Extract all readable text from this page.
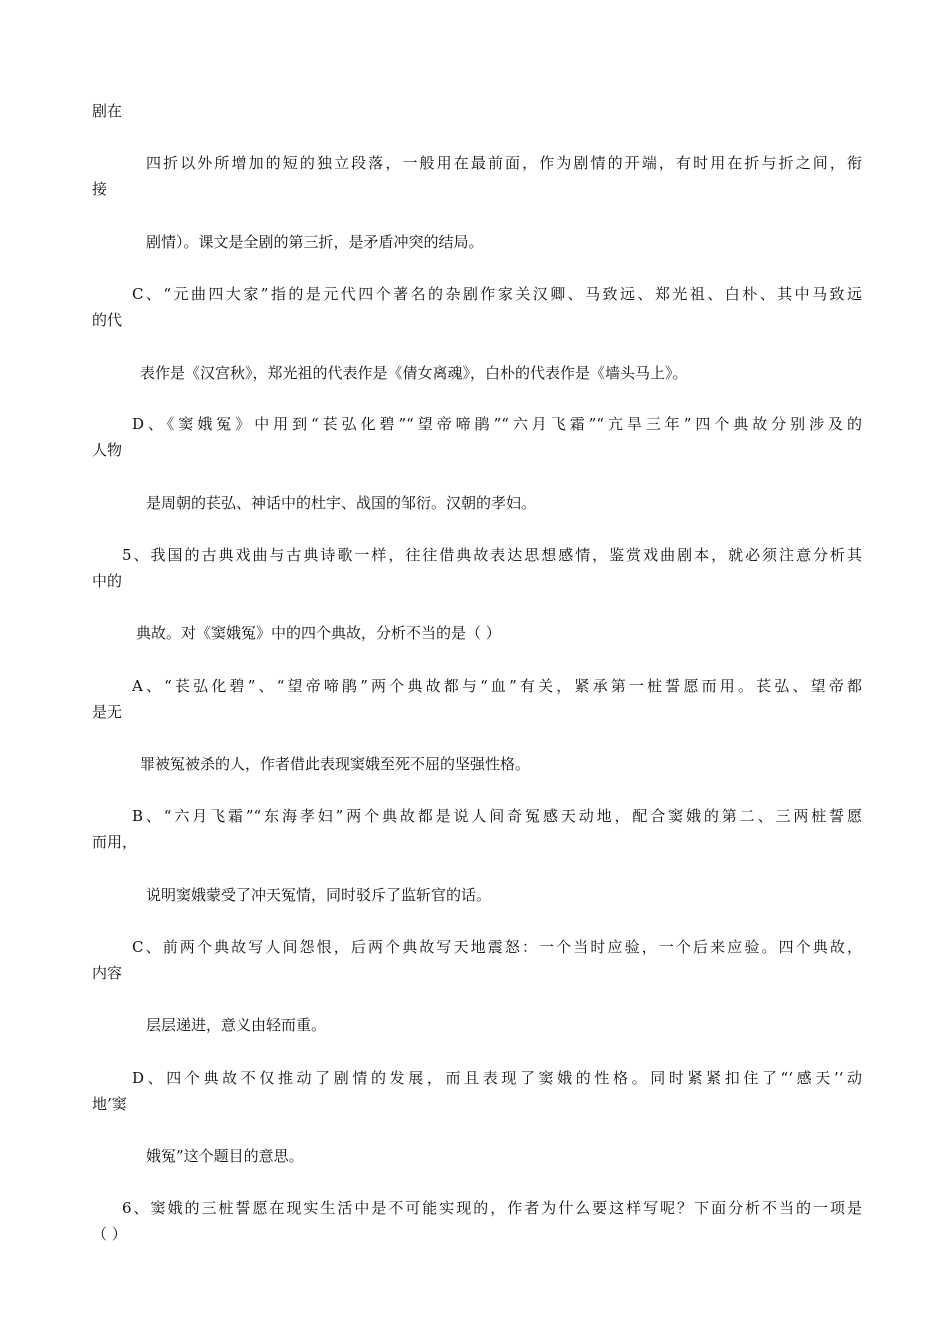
剧在
四折以外所增加的短的独立段落，一般用在最前面，作为剧情的开端，有时用在折与折之间，衔
接
剧情）。课文是全剧的第三折，是矛盾冲突的结局。
C、“元曲四大家”指的是元代四个著名的杂剧作家关汉卿、马致远、郑光祖、白朴、其中马致远
的代
表作是《汉宫秋》，郑光祖的代表作是《倩女离魂》，白朴的代表作是《墙头马上》。
D、《窦娥冤》中用到“苌弘化碧”“望帝啼鹃”“六月飞霜”“亢旱三年”四个典故分别涉及的
人物
是周朝的苌弘、神话中的杜宇、战国的邹衍。汉朝的孝妇。
5、我国的古典戏曲与古典诗歌一样，往往借典故表达思想感情，鉴赏戏曲剧本，就必须注意分析其
中的
典故。对《窦娥冤》中的四个典故，分析不当的是（ ）
A、“苌弘化碧”、“望帝啼鹃”两个典故都与“血”有关，紧承第一桩誓愿而用。苌弘、望帝都
是无
罪被冤被杀的人，作者借此表现窦娥至死不屈的坚强性格。
B、“六月飞霜”“东海孝妇”两个典故都是说人间奇冤感天动地，配合窦娥的第二、三两桩誓愿
而用，
说明窦娥蒙受了冲天冤情，同时驳斥了监斩官的话。
C、前两个典故写人间怨恨，后两个典故写天地震怒：一个当时应验，一个后来应验。四个典故，
内容
层层递进，意义由轻而重。
D、四个典故不仅推动了剧情的发展，而且表现了窦娥的性格。同时紧紧扣住了“‘感天’‘动
地’窦
娥冤”这个题目的意思。
6、窦娥的三桩誓愿在现实生活中是不可能实现的，作者为什么要这样写呢？下面分析不当的一项是
（ ）
